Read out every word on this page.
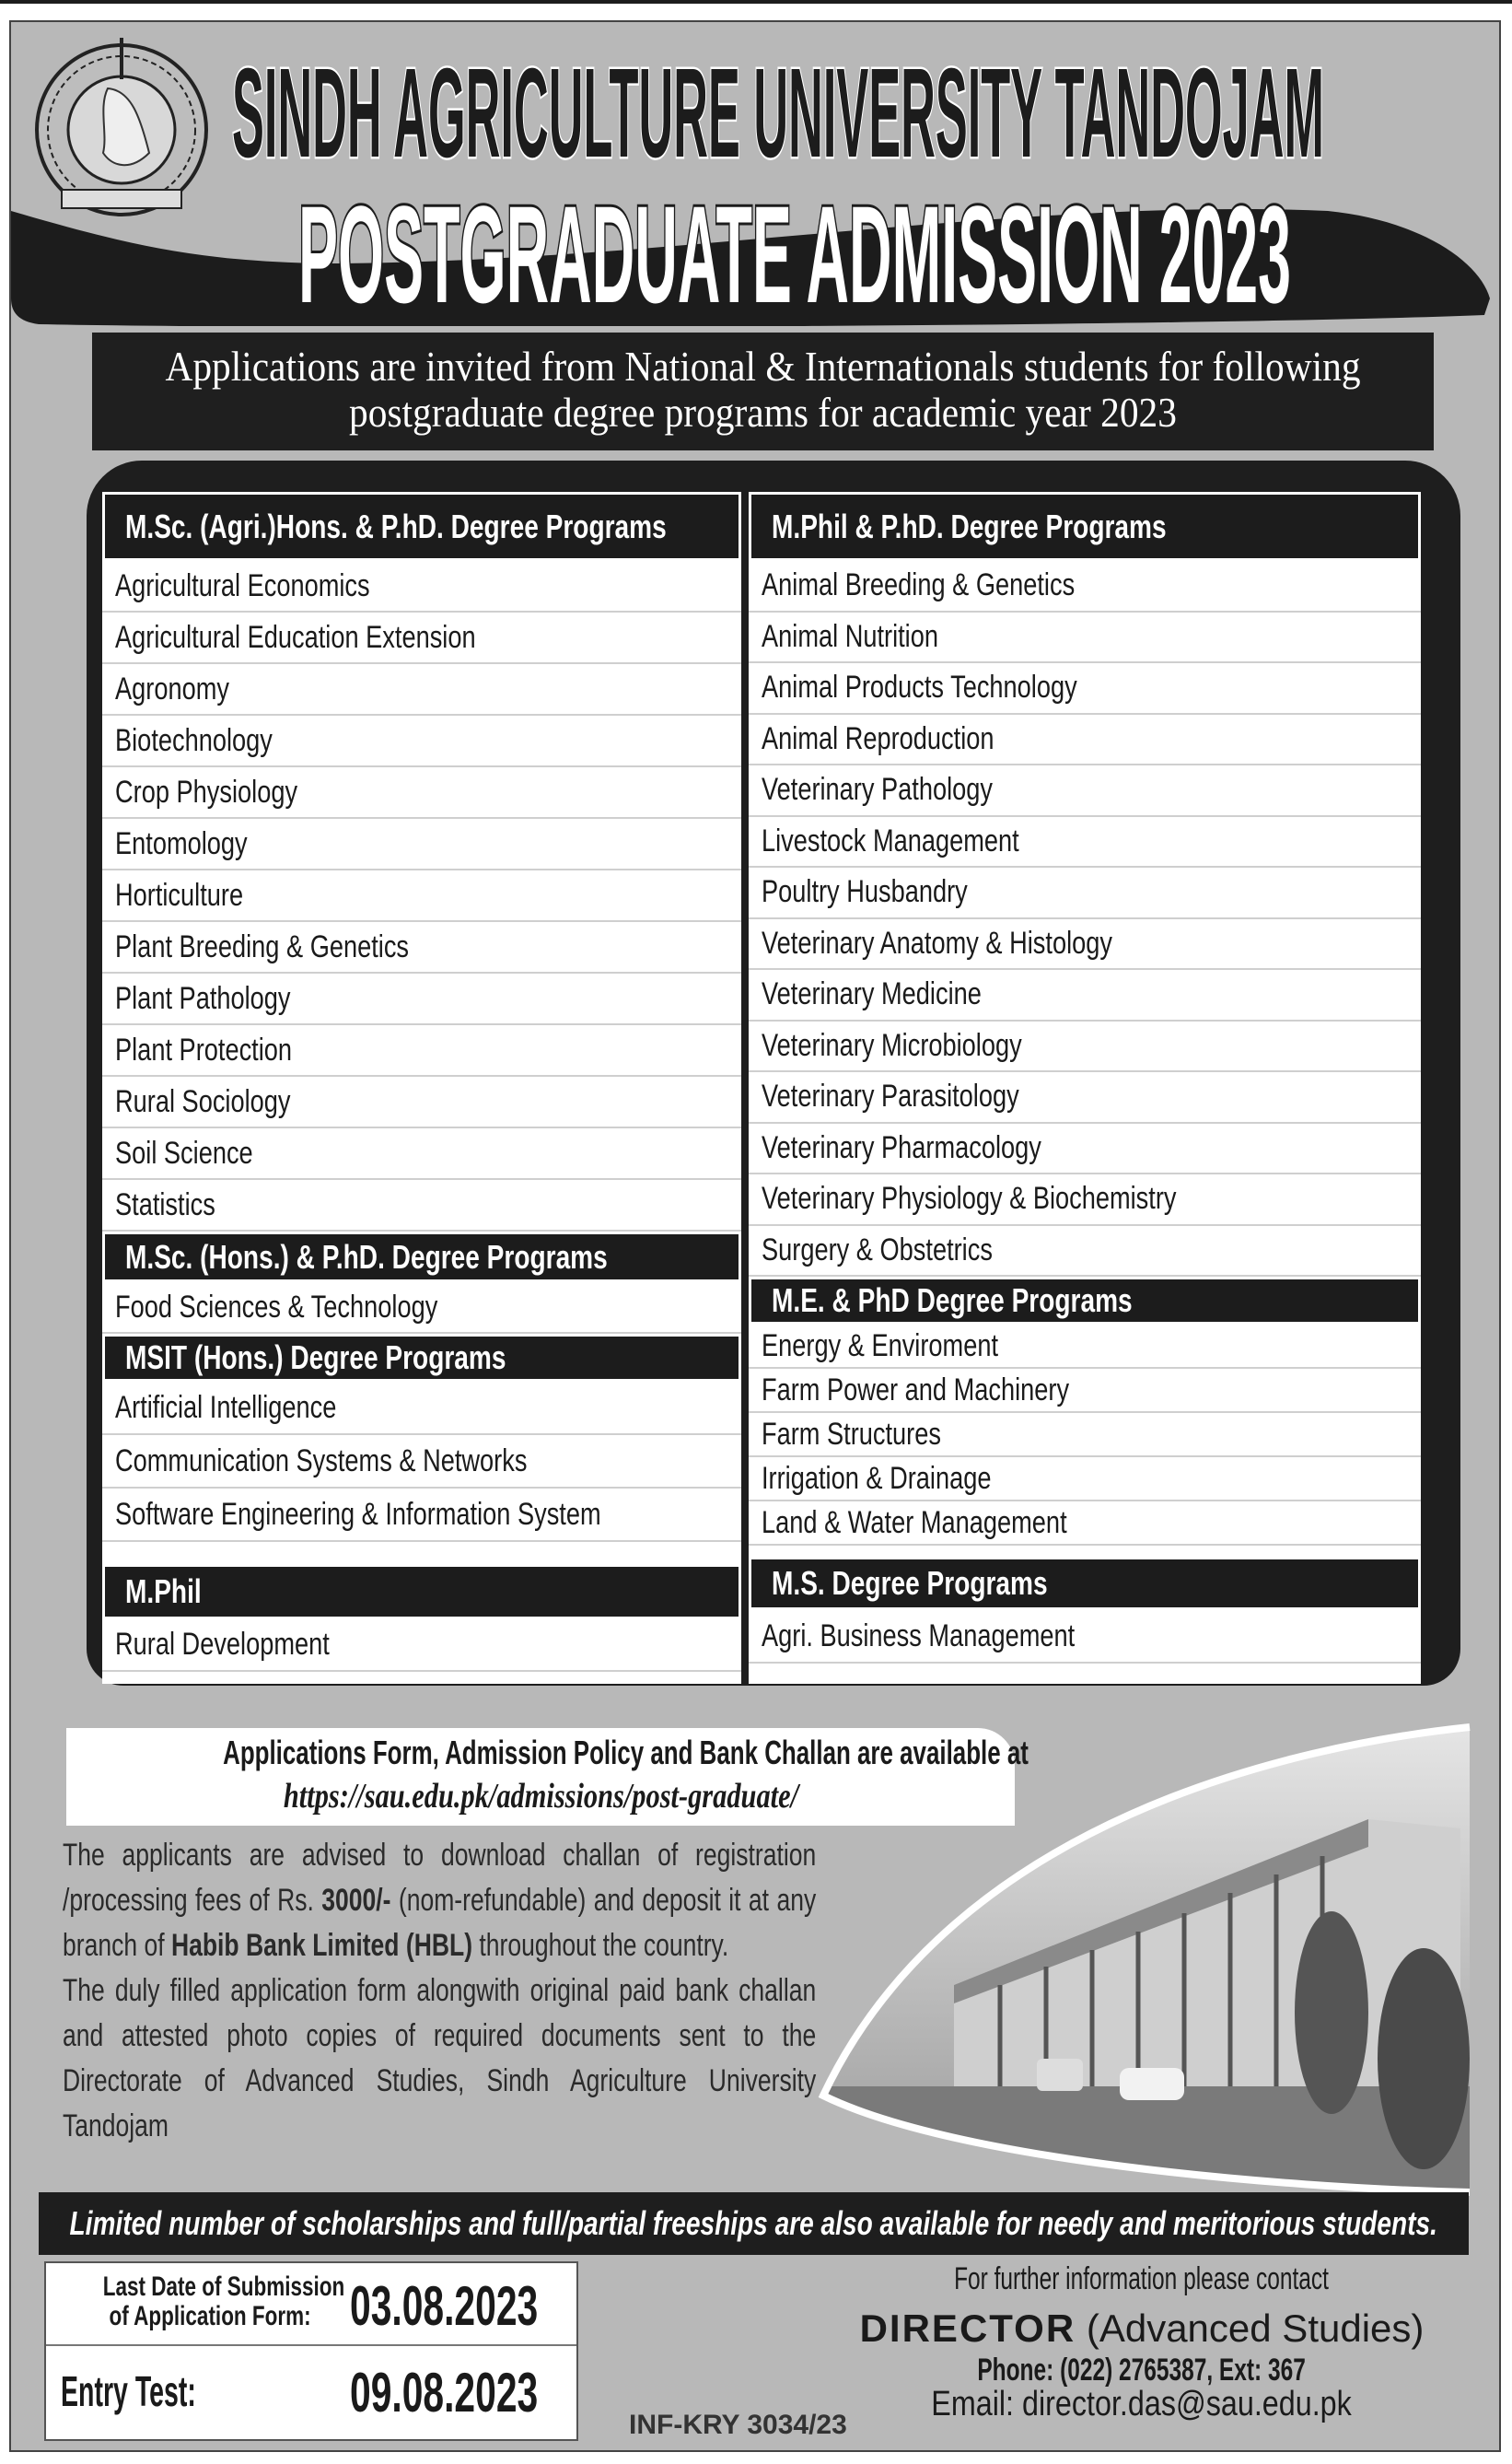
SINDH AGRICULTURE UNIVERSITY TANDOJAM
POSTGRADUATE ADMISSION 2023
Applications are invited from National & Internationals students for following
postgraduate degree programs for academic year 2023
M.Sc. (Agri.)Hons. & P.hD. Degree Programs
Agricultural Economics
Agricultural Education Extension
Agronomy
Biotechnology
Crop Physiology
Entomology
Horticulture
Plant Breeding & Genetics
Plant Pathology
Plant Protection
Rural Sociology
Soil Science
Statistics
M.Sc. (Hons.) & P.hD. Degree Programs
Food Sciences & Technology
MSIT (Hons.) Degree Programs
Artificial Intelligence
Communication Systems & Networks
Software Engineering & Information System
M.Phil
Rural Development
M.Phil & P.hD. Degree Programs
Animal Breeding & Genetics
Animal Nutrition
Animal Products Technology
Animal Reproduction
Veterinary Pathology
Livestock Management
Poultry Husbandry
Veterinary Anatomy & Histology
Veterinary Medicine
Veterinary Microbiology
Veterinary Parasitology
Veterinary Pharmacology
Veterinary Physiology & Biochemistry
Surgery & Obstetrics
M.E. & PhD Degree Programs
Energy & Enviroment
Farm Power and Machinery
Farm Structures
Irrigation & Drainage
Land & Water Management
M.S. Degree Programs
Agri. Business Management
Applications Form, Admission Policy and Bank Challan are available at
https://sau.edu.pk/admissions/post-graduate/

The applicants are advised to download challan of registration /processing fees of Rs. 3000/- (nom-refundable) and deposit it at any branch of Habib Bank Limited (HBL) throughout the country.

The duly filled application form alongwith original paid bank challan and attested photo copies of required documents sent to the Directorate of Advanced Studies, Sindh Agriculture University Tandojam

Limited number of scholarships and full/partial freeships are also available for needy and meritorious students.
Last Date of Submission
of Application Form: 03.08.2023
Entry Test:	09.08.2023
For further information please contact
DIRECTOR (Advanced Studies)
Phone: (022) 2765387, Ext: 367
Email: director.das@sau.edu.pk
INF-KRY 3034/23
